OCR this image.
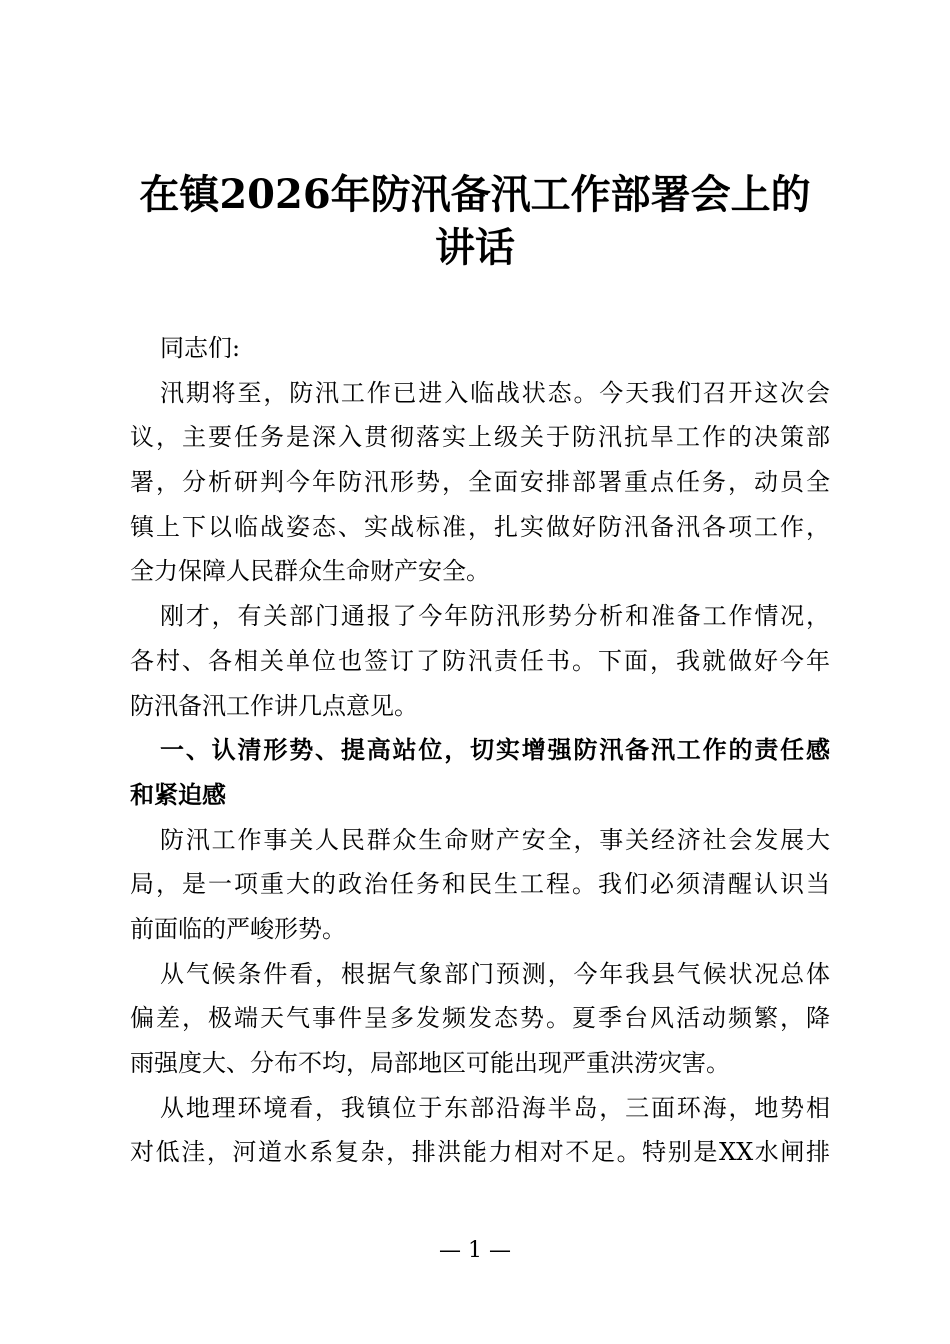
在镇2026年防汛备汛工作部署会上的
讲话
同志们:
汛期将至，防汛工作已进入临战状态。今天我们召开这次会
议，主要任务是深入贯彻落实上级关于防汛抗旱工作的决策部
署，分析研判今年防汛形势，全面安排部署重点任务，动员全
镇上下以临战姿态、实战标准，扎实做好防汛备汛各项工作，
全力保障人民群众生命财产安全。
刚才，有关部门通报了今年防汛形势分析和准备工作情况，
各村、各相关单位也签订了防汛责任书。下面，我就做好今年
防汛备汛工作讲几点意见。
一、认清形势、提高站位，切实增强防汛备汛工作的责任感
和紧迫感
防汛工作事关人民群众生命财产安全，事关经济社会发展大
局，是一项重大的政治任务和民生工程。我们必须清醒认识当
前面临的严峻形势。
从气候条件看，根据气象部门预测，今年我县气候状况总体
偏差，极端天气事件呈多发频发态势。夏季台风活动频繁，降
雨强度大、分布不均，局部地区可能出现严重洪涝灾害。
从地理环境看，我镇位于东部沿海半岛，三面环海，地势相
对低洼，河道水系复杂，排洪能力相对不足。特别是XX水闸排
— 1 —
